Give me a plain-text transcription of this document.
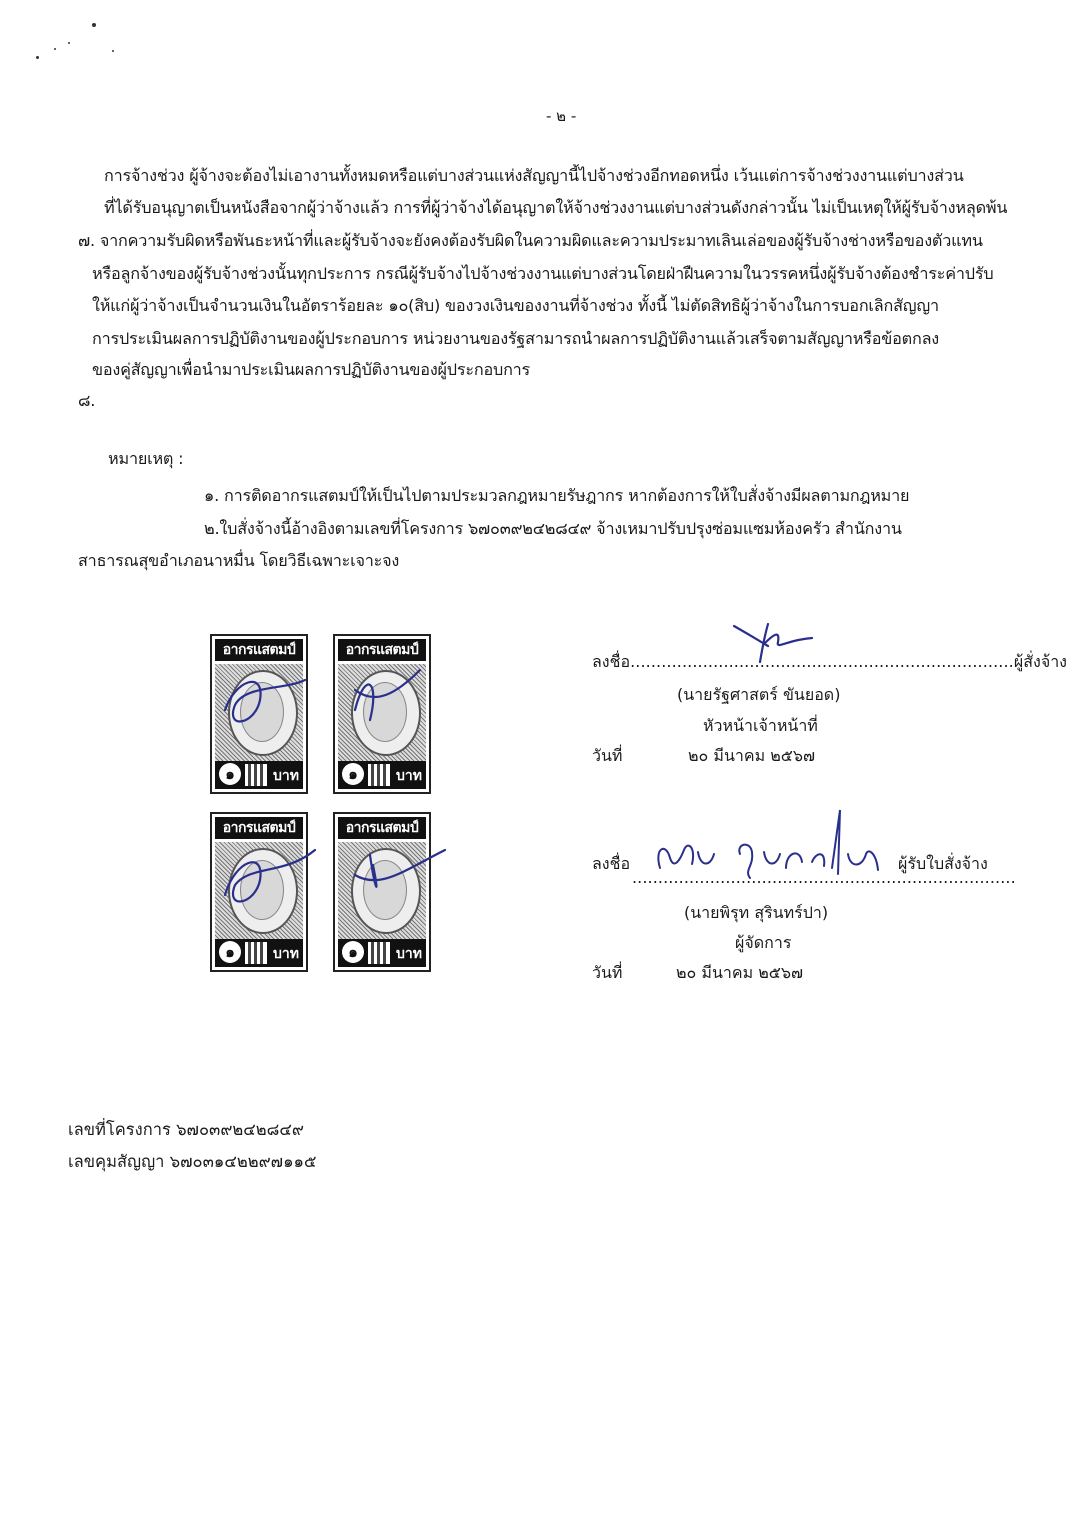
- ๒ -
การจ้างช่วง ผู้จ้างจะต้องไม่เอางานทั้งหมดหรือแต่บางส่วนแห่งสัญญานี้ไปจ้างช่วงอีกทอดหนึ่ง เว้นแต่การจ้างช่วงงานแต่บางส่วน
ที่ได้รับอนุญาตเป็นหนังสือจากผู้ว่าจ้างแล้ว การที่ผู้ว่าจ้างได้อนุญาตให้จ้างช่วงงานแต่บางส่วนดังกล่าวนั้น ไม่เป็นเหตุให้ผู้รับจ้างหลุดพ้น
๗. จากความรับผิดหรือพันธะหน้าที่และผู้รับจ้างจะยังคงต้องรับผิดในความผิดและความประมาทเลินเล่อของผู้รับจ้างช่างหรือของตัวแทน
หรือลูกจ้างของผู้รับจ้างช่วงนั้นทุกประการ กรณีผู้รับจ้างไปจ้างช่วงงานแต่บางส่วนโดยฝ่าฝืนความในวรรคหนึ่งผู้รับจ้างต้องชำระค่าปรับ
ให้แก่ผู้ว่าจ้างเป็นจำนวนเงินในอัตราร้อยละ ๑๐(สิบ) ของวงเงินของงานที่จ้างช่วง ทั้งนี้ ไม่ตัดสิทธิผู้ว่าจ้างในการบอกเลิกสัญญา
การประเมินผลการปฏิบัติงานของผู้ประกอบการ หน่วยงานของรัฐสามารถนำผลการปฏิบัติงานแล้วเสร็จตามสัญญาหรือข้อตกลง
ของคู่สัญญาเพื่อนำมาประเมินผลการปฏิบัติงานของผู้ประกอบการ
๘.
หมายเหตุ :
๑. การติดอากรแสตมป์ให้เป็นไปตามประมวลกฎหมายรัษฎากร หากต้องการให้ใบสั่งจ้างมีผลตามกฎหมาย
๒.ใบสั่งจ้างนี้อ้างอิงตามเลขที่โครงการ ๖๗๐๓๙๒๔๒๘๔๙ จ้างเหมาปรับปรุงซ่อมแซมห้องครัว สำนักงาน
สาธารณสุขอำเภอนาหมื่น โดยวิธีเฉพาะเจาะจง
อากรแสตมป์
๑	บาท
อากรแสตมป์
๑	บาท
อากรแสตมป์
๑	บาท
อากรแสตมป์
๑	บาท
ลงชื่อ..........................................................................ผู้สั่งจ้าง
(นายรัฐศาสตร์ ขันยอด)
หัวหน้าเจ้าหน้าที่
วันที่	๒๐ มีนาคม ๒๕๖๗
ลงชื่อ
..........................................................................
ผู้รับใบสั่งจ้าง
(นายพิรุท สุรินทร์ปา)
ผู้จัดการ
วันที่	๒๐ มีนาคม ๒๕๖๗
เลขที่โครงการ ๖๗๐๓๙๒๔๒๘๔๙
เลขคุมสัญญา ๖๗๐๓๑๔๒๒๙๗๑๑๕
